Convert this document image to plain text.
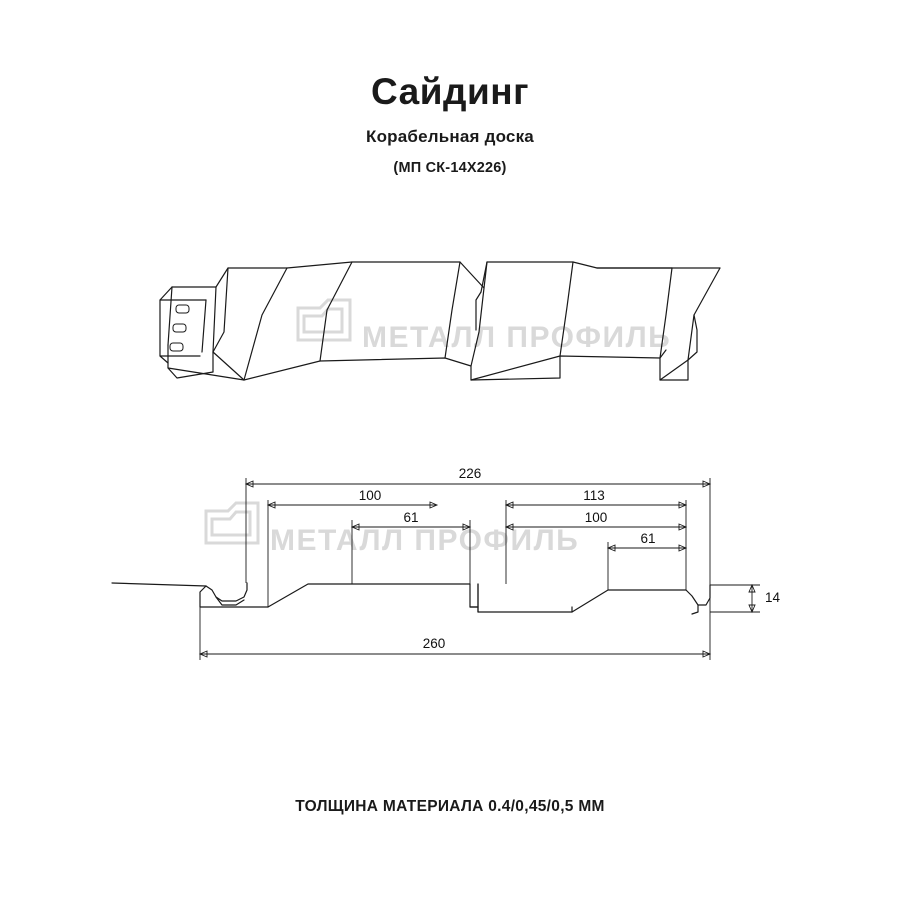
Сайдинг
Корабельная доска
(МП СК-14Х226)
МЕТАЛЛ ПРОФИЛЬ
МЕТАЛЛ ПРОФИЛЬ
226
100	113
61	100
61
14
260
ТОЛЩИНА МАТЕРИАЛА 0.4/0,45/0,5 ММ
